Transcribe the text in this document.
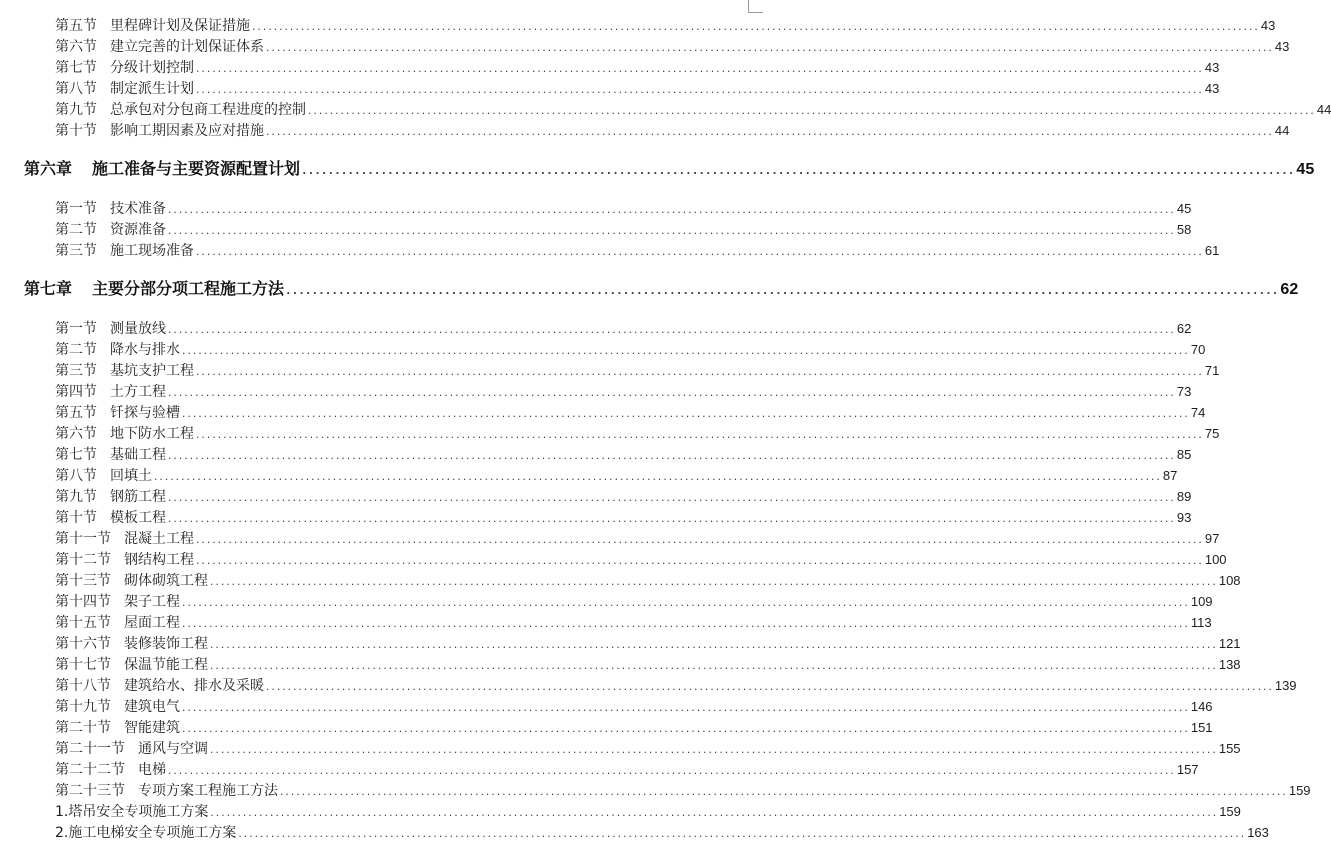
第五节 里程碑计划及保证措施 .......................................................................................................................................................................................... 43
第六节 建立完善的计划保证体系 .......................................................................................................................................................................................... 43
第七节 分级计划控制 .......................................................................................................................................................................................... 43
第八节 制定派生计划 .......................................................................................................................................................................................... 43
第九节 总承包对分包商工程进度的控制 .......................................................................................................................................................................................... 44
第十节 影响工期因素及应对措施 .......................................................................................................................................................................................... 44
第六章 施工准备与主要资源配置计划 ...................................................................................................................................................... 45
第一节 技术准备 .......................................................................................................................................................................................... 45
第二节 资源准备 .......................................................................................................................................................................................... 58
第三节 施工现场准备 .......................................................................................................................................................................................... 61
第七章 主要分部分项工程施工方法 ...................................................................................................................................................... 62
第一节 测量放线 .......................................................................................................................................................................................... 62
第二节 降水与排水 .......................................................................................................................................................................................... 70
第三节 基坑支护工程 .......................................................................................................................................................................................... 71
第四节 土方工程 .......................................................................................................................................................................................... 73
第五节 钎探与验槽 .......................................................................................................................................................................................... 74
第六节 地下防水工程 .......................................................................................................................................................................................... 75
第七节 基础工程 .......................................................................................................................................................................................... 85
第八节 回填土 .......................................................................................................................................................................................... 87
第九节 钢筋工程 .......................................................................................................................................................................................... 89
第十节 模板工程 .......................................................................................................................................................................................... 93
第十一节 混凝土工程 .......................................................................................................................................................................................... 97
第十二节 钢结构工程 .......................................................................................................................................................................................... 100
第十三节 砌体砌筑工程 .......................................................................................................................................................................................... 108
第十四节 架子工程 .......................................................................................................................................................................................... 109
第十五节 屋面工程 .......................................................................................................................................................................................... 113
第十六节 装修装饰工程 .......................................................................................................................................................................................... 121
第十七节 保温节能工程 .......................................................................................................................................................................................... 138
第十八节 建筑给水、排水及采暖 .......................................................................................................................................................................................... 139
第十九节 建筑电气 .......................................................................................................................................................................................... 146
第二十节 智能建筑 .......................................................................................................................................................................................... 151
第二十一节 通风与空调 .......................................................................................................................................................................................... 155
第二十二节 电梯 .......................................................................................................................................................................................... 157
第二十三节 专项方案工程施工方法 .......................................................................................................................................................................................... 159
1.塔吊安全专项施工方案 .......................................................................................................................................................................................... 159
2.施工电梯安全专项施工方案 .......................................................................................................................................................................................... 163
